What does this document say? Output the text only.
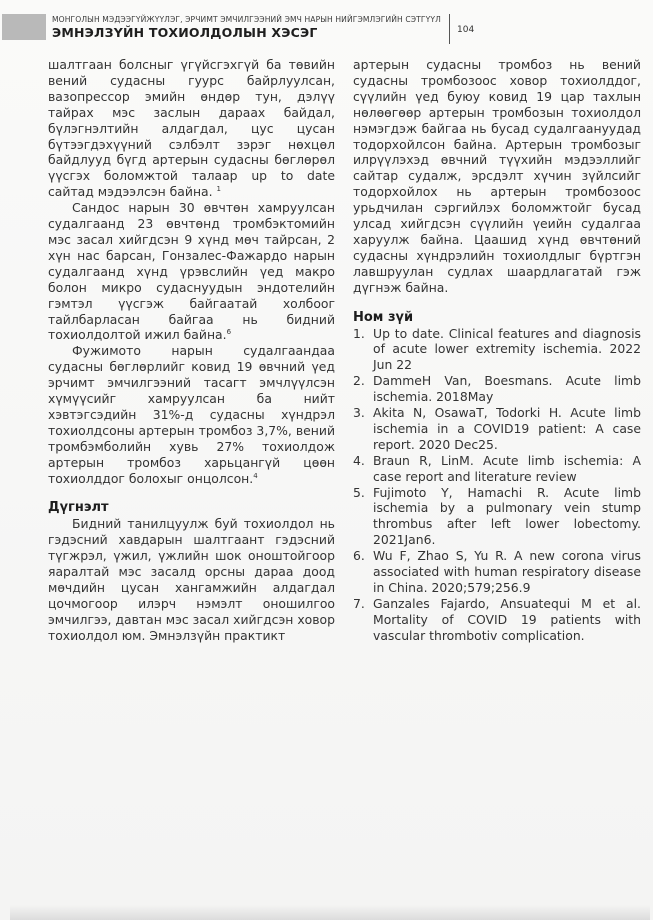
МОНГОЛЫН МЭДЭЭГҮЙЖҮҮЛЭГ, ЭРЧИМТ ЭМЧИЛГЭЭНИЙ ЭМЧ НАРЫН НИЙГЭМЛЭГИЙН СЭТГҮҮЛ
ЭМНЭЛЗҮЙН ТОХИОЛДОЛЫН ХЭСЭГ	104

шалтгаан болсныг үгүйсгэхгүй ба төвийн вений судасны гуурс байрлуулсан, вазопрессор эмийн өндөр тун, дэлүү тайрах мэс заслын дараах байдал, бүлэгнэлтийн алдагдал, цус цусан бүтээгдэхүүний сэлбэлт зэрэг нөхцөл байдлууд бүгд артерын судасны бөглөрөл үүсгэх боломжтой талаар up to date сайтад мэдээлсэн байна. $^1$

Сандос нарын 30 өвчтөн хамруулсан судалгаанд 23 өвчтөнд тромбэктомийн мэс засал хийгдсэн 9 хүнд мөч тайрсан, 2 хүн нас барсан, Гонзалес-Фажардо нарын судалгаанд хүнд үрэвслийн үед макро болон микро судаснуудын эндотелийн гэмтэл үүсгэж байгаатай холбоог тайлбарласан байгаа нь бидний тохиолдолтой ижил байна.$^6$

Фужимото нарын судалгаандаа судасны бөглөрлийг ковид 19 өвчний үед эрчимт эмчилгээний тасагт эмчлүүлсэн хүмүүсийг хамруулсан ба нийт хэвтэгсэдийн 31%-д судасны хүндрэл тохиолдсоны артерын тромбоз 3,7%, вений тромбэмболийн хувь 27% тохиолдож артерын тромбоз харьцангүй цөөн тохиолддог болохыг онцолсон.$^4$

Дүгнэлт

Бидний танилцуулж буй тохиолдол нь гэдэсний хавдарын шалтгаант гэдэсний түгжрэл, үжил, үжлийн шок оноштойгоор яаралтай мэс засалд орсны дараа доод мөчдийн цусан хангамжийн алдагдал цочмогоор илэрч нэмэлт оношилгоо эмчилгээ, давтан мэс засал хийгдсэн ховор тохиолдол юм. Эмнэлзүйн практикт

артерын судасны тромбоз нь вений судасны тромбозоос ховор тохиолддог, сүүлийн үед буюу ковид 19 цар тахлын нөлөөгөөр артерын тромбозын тохиолдол нэмэгдэж байгаа нь бусад судалгаануудад тодорхойлсон байна. Артерын тромбозыг илрүүлэхэд өвчний түүхийн мэдээллийг сайтар судалж, эрсдэлт хүчин зүйлсийг тодорхойлох нь артерын тромбозоос урьдчилан сэргийлэх боломжтойг бусад улсад хийгдсэн сүүлийн үеийн судалгаа харуулж байна. Цаашид хүнд өвчтөний судасны хүндрэлийн тохиолдлыг бүртгэн лавшруулан судлах шаардлагатай гэж дүгнэж байна.

Ном зүй

1. Up to date. Clinical features and diagnosis of acute lower extremity ischemia. 2022 Jun 22
2. DammeH Van, Boesmans. Acute limb ischemia. 2018May
3. Akita N, OsawaT, Todorki H. Acute limb ischemia in a COVID19 patient: A case report. 2020 Dec25.
4. Braun R, LinM. Acute limb ischemia: A case report and literature review
5. Fujimoto Y, Hamachi R. Acute limb ischemia by a pulmonary vein stump thrombus after left lower lobectomy. 2021Jan6.
6. Wu F, Zhao S, Yu R. A new corona virus associated with human respiratory disease in China. 2020;579;256.9
7. Ganzales Fajardo, Ansuatequi M et al. Mortality of COVID 19 patients with vascular thrombotiv complication.
